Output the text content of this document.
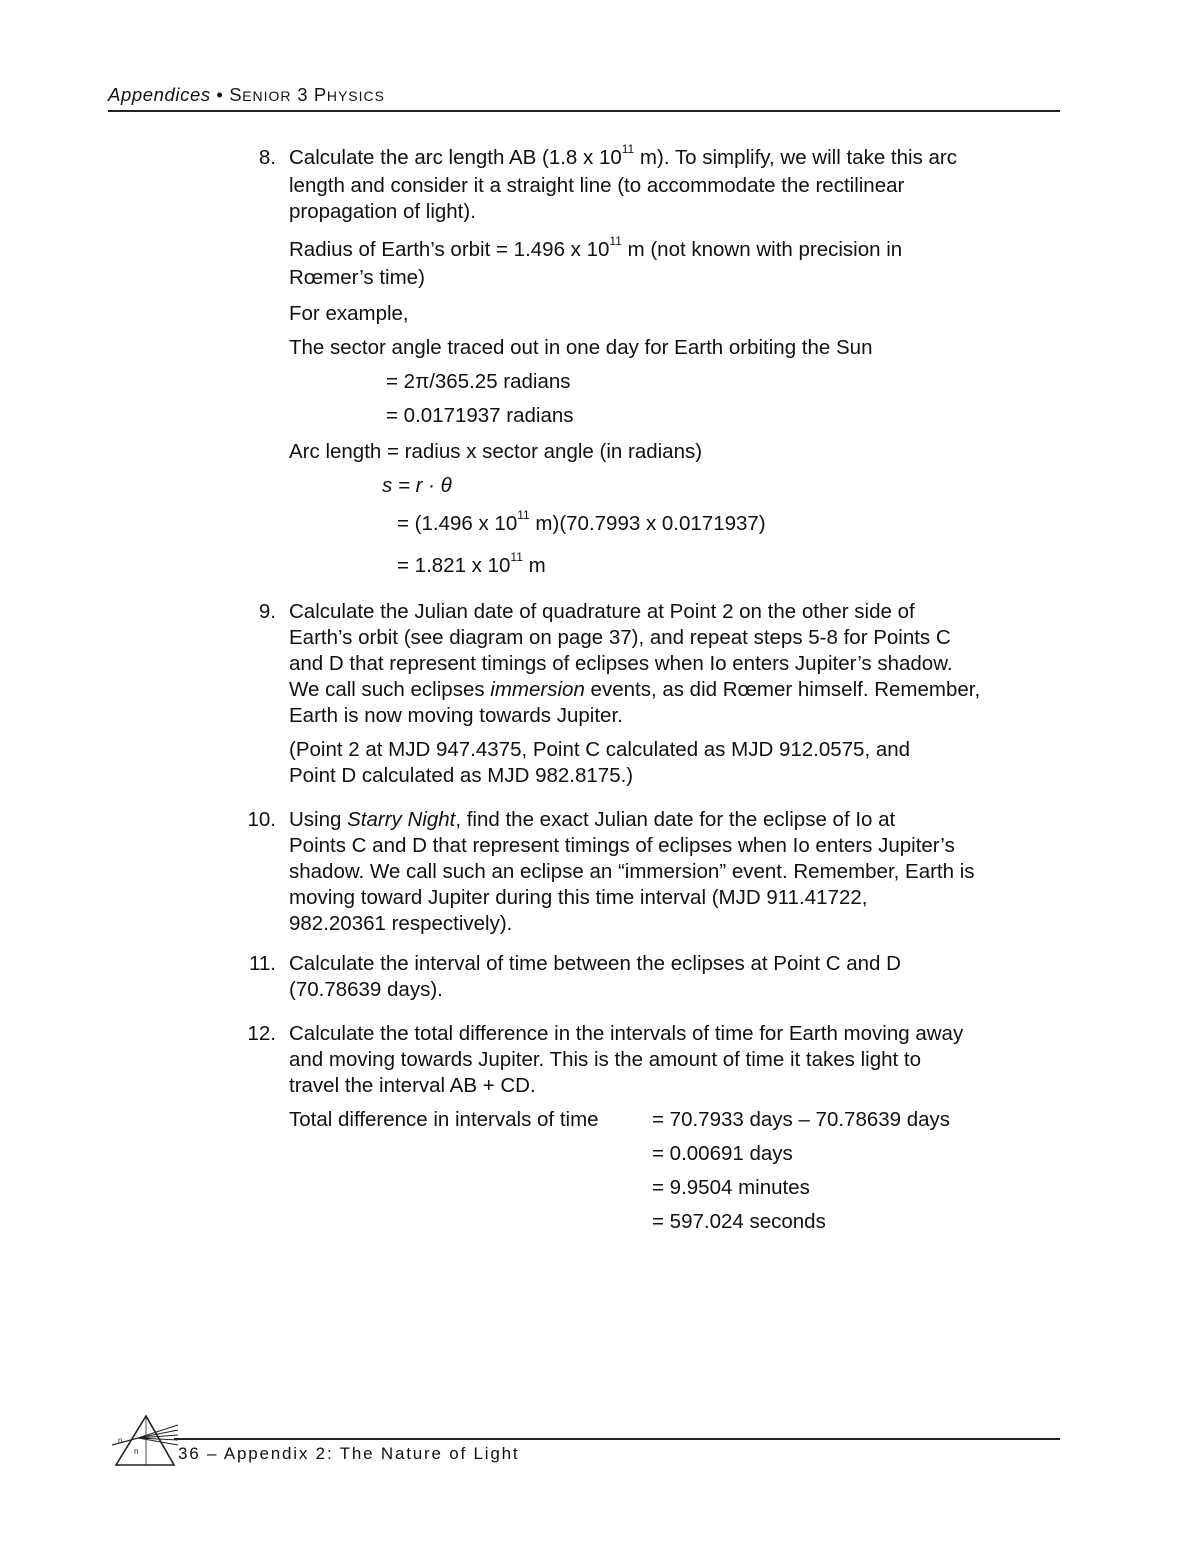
Appendices • SENIOR 3 PHYSICS
8. Calculate the arc length AB (1.8 x $10^{11}$ m). To simplify, we will take this arc
length and consider it a straight line (to accommodate the rectilinear
propagation of light).
Radius of Earth’s orbit = 1.496 x $10^{11}$ m (not known with precision in
Rœmer’s time)
For example,
The sector angle traced out in one day for Earth orbiting the Sun
= 2π/365.25 radians
= 0.0171937 radians
Arc length = radius x sector angle (in radians)
s = r · θ
= (1.496 x $10^{11}$ m)(70.7993 x 0.0171937)
= 1.821 x $10^{11}$ m
9. Calculate the Julian date of quadrature at Point 2 on the other side of
Earth’s orbit (see diagram on page 37), and repeat steps 5-8 for Points C
and D that represent timings of eclipses when Io enters Jupiter’s shadow.
We call such eclipses immersion events, as did Rœmer himself. Remember,
Earth is now moving towards Jupiter.
(Point 2 at MJD 947.4375, Point C calculated as MJD 912.0575, and
Point D calculated as MJD 982.8175.)
10. Using Starry Night, find the exact Julian date for the eclipse of Io at
Points C and D that represent timings of eclipses when Io enters Jupiter’s
shadow. We call such an eclipse an “immersion” event. Remember, Earth is
moving toward Jupiter during this time interval (MJD 911.41722,
982.20361 respectively).
11. Calculate the interval of time between the eclipses at Point C and D
(70.78639 days).
12. Calculate the total difference in the intervals of time for Earth moving away
and moving towards Jupiter. This is the amount of time it takes light to
travel the interval AB + CD.
Total difference in intervals of time	= 70.7933 days – 70.78639 days
= 0.00691 days
= 9.9504 minutes
= 597.024 seconds
n
n 36 – Appendix 2: The Nature of Light
